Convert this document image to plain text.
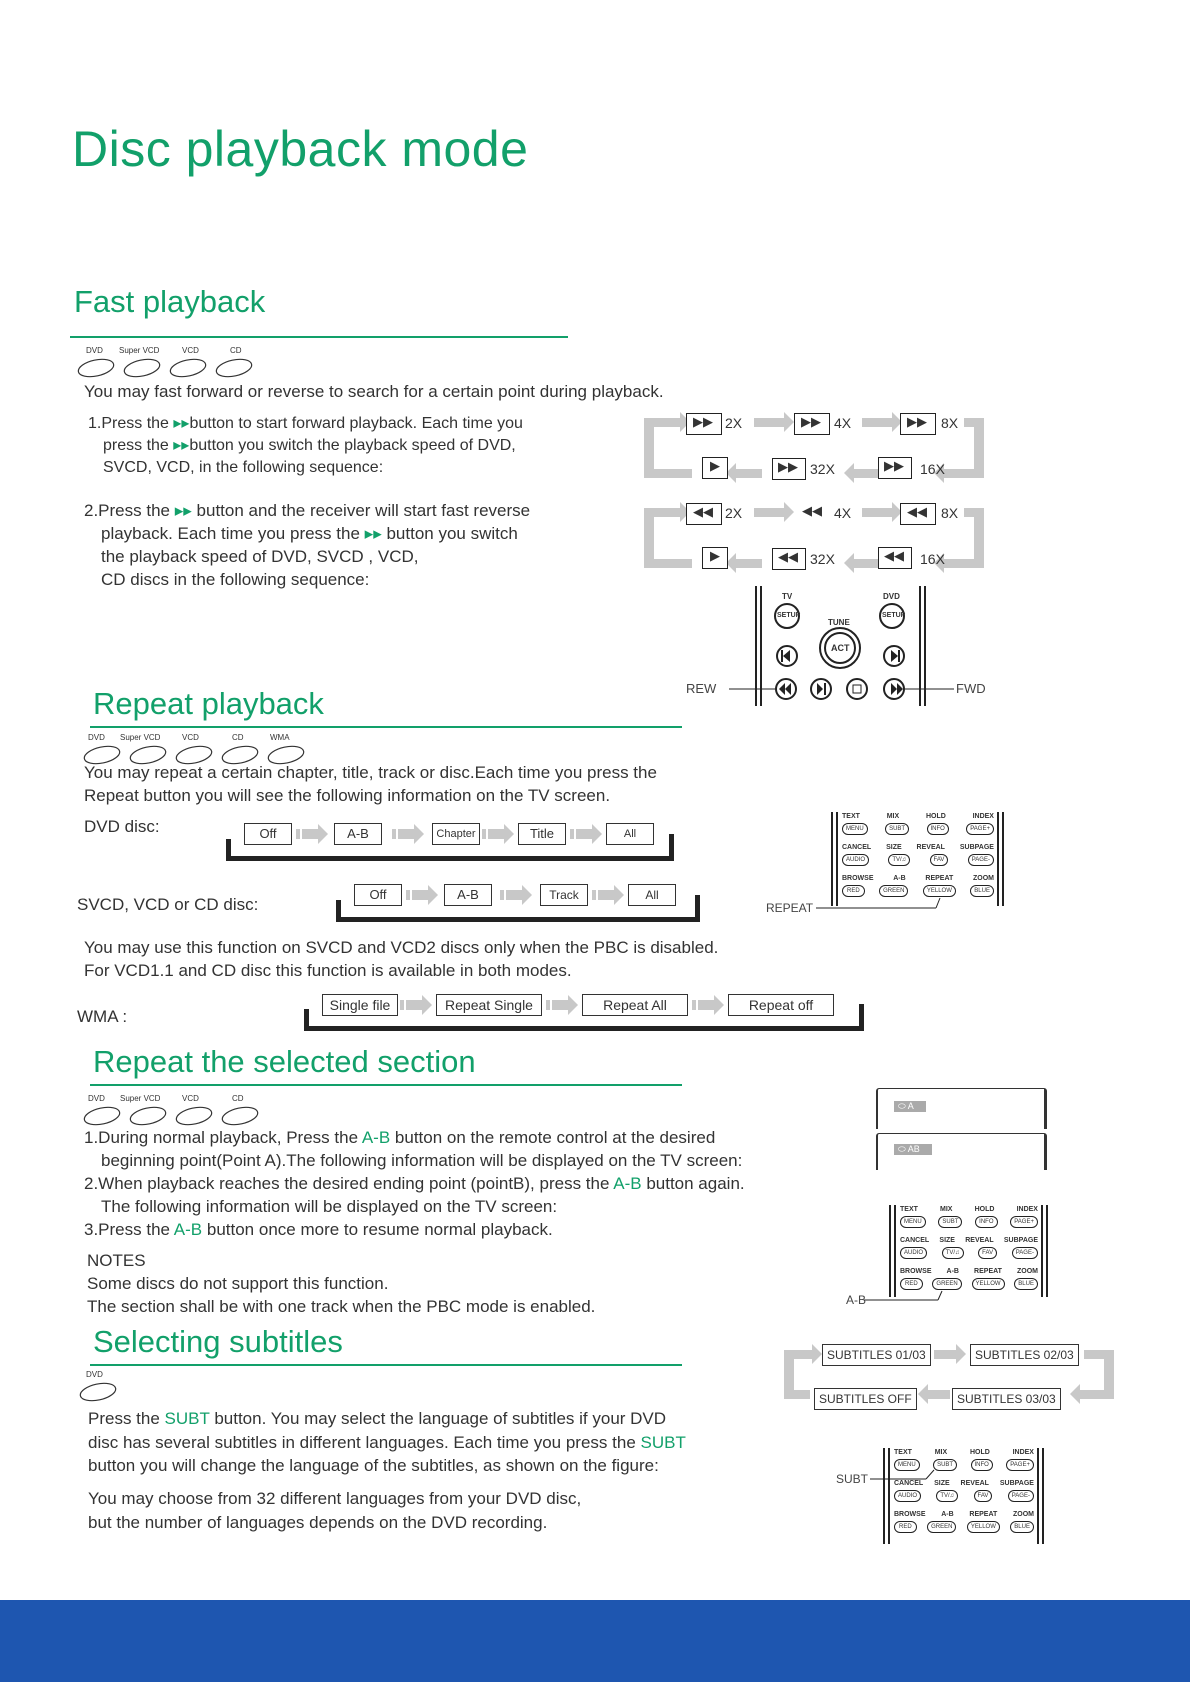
Disc playback mode
Fast playback
DVD Super VCD	VCD	CD
You may fast forward or reverse to search for a certain point during playback.
1.Press the ▸▸button to start forward playback. Each time you
press the ▸▸button you switch the playback speed of DVD,
SVCD, VCD, in the following sequence:
2.Press the ▸▸ button and the receiver will start fast reverse
playback. Each time you press the ▸▸ button you switch
the playback speed of DVD, SVCD , VCD,
CD discs in the following sequence:
▶▶ 2X	▶▶ 4X	▶▶ 8X
▶	▶▶ 32X	▶▶ 16X
◀◀ 2X	◀◀ 4X	◀◀ 8X
▶	◀◀ 32X	◀◀ 16X
TV	DVD
SETUP	SETUP
TUNE
ACT
REW	FWD
Repeat playback
DVD Super VCD	VCD	CD	WMA
You may repeat a certain chapter, title, track or disc.Each time you press the
Repeat button you will see the following information on the TV screen.
DVD disc:	Off	A-B	Chapter	Title	All
SVCD, VCD or CD disc:
Off	A-B	Track	All
TEXT	MIX	HOLD	INDEX
MENU	SUBT	INFO	PAGE+
CANCEL SIZE REVEAL SUBPAGE
AUDIO	TV/♫	FAV	PAGE-
BROWSE	A-B	REPEAT	ZOOM
RED	GREEN	YELLOW	BLUE
REPEAT
You may use this function on SVCD and VCD2 discs only when the PBC is disabled.
For VCD1.1 and CD disc this function is available in both modes.
WMA :
Single file	Repeat Single	Repeat All	Repeat off
Repeat the selected section
DVD Super VCD	VCD	CD
1.During normal playback, Press the A-B button on the remote control at the desired
beginning point(Point A).The following information will be displayed on the TV screen:
2.When playback reaches the desired ending point (pointB), press the A-B button again.
The following information will be displayed on the TV screen:
3.Press the A-B button once more to resume normal playback.
NOTES
Some discs do not support this function.
The section shall be with one track when the PBC mode is enabled.
⬭ A
⬭ AB
TEXT	MIX	HOLD	INDEX
MENU	SUBT	INFO	PAGE+
CANCEL SIZE REVEAL SUBPAGE
AUDIO	TV/♫	FAV	PAGE-
BROWSE A-B REPEAT ZOOM
RED	GREEN	YELLOW	BLUE
A-B
Selecting subtitles
DVD
Press the SUBT button. You may select the language of subtitles if your DVD
disc has several subtitles in different languages. Each time you press the SUBT
button you will change the language of the subtitles, as shown on the figure:
You may choose from 32 different languages from your DVD disc,
but the number of languages depends on the DVD recording.
SUBTITLES 01/03	SUBTITLES 02/03
SUBTITLES OFF	SUBTITLES 03/03
TEXT	MIX	HOLD	INDEX
MENU	SUBT	INFO	PAGE+
CANCEL SIZE REVEAL SUBPAGE
AUDIO	TV/♫	FAV	PAGE-
BROWSE A-B REPEAT ZOOM
RED	GREEN	YELLOW	BLUE
SUBT
